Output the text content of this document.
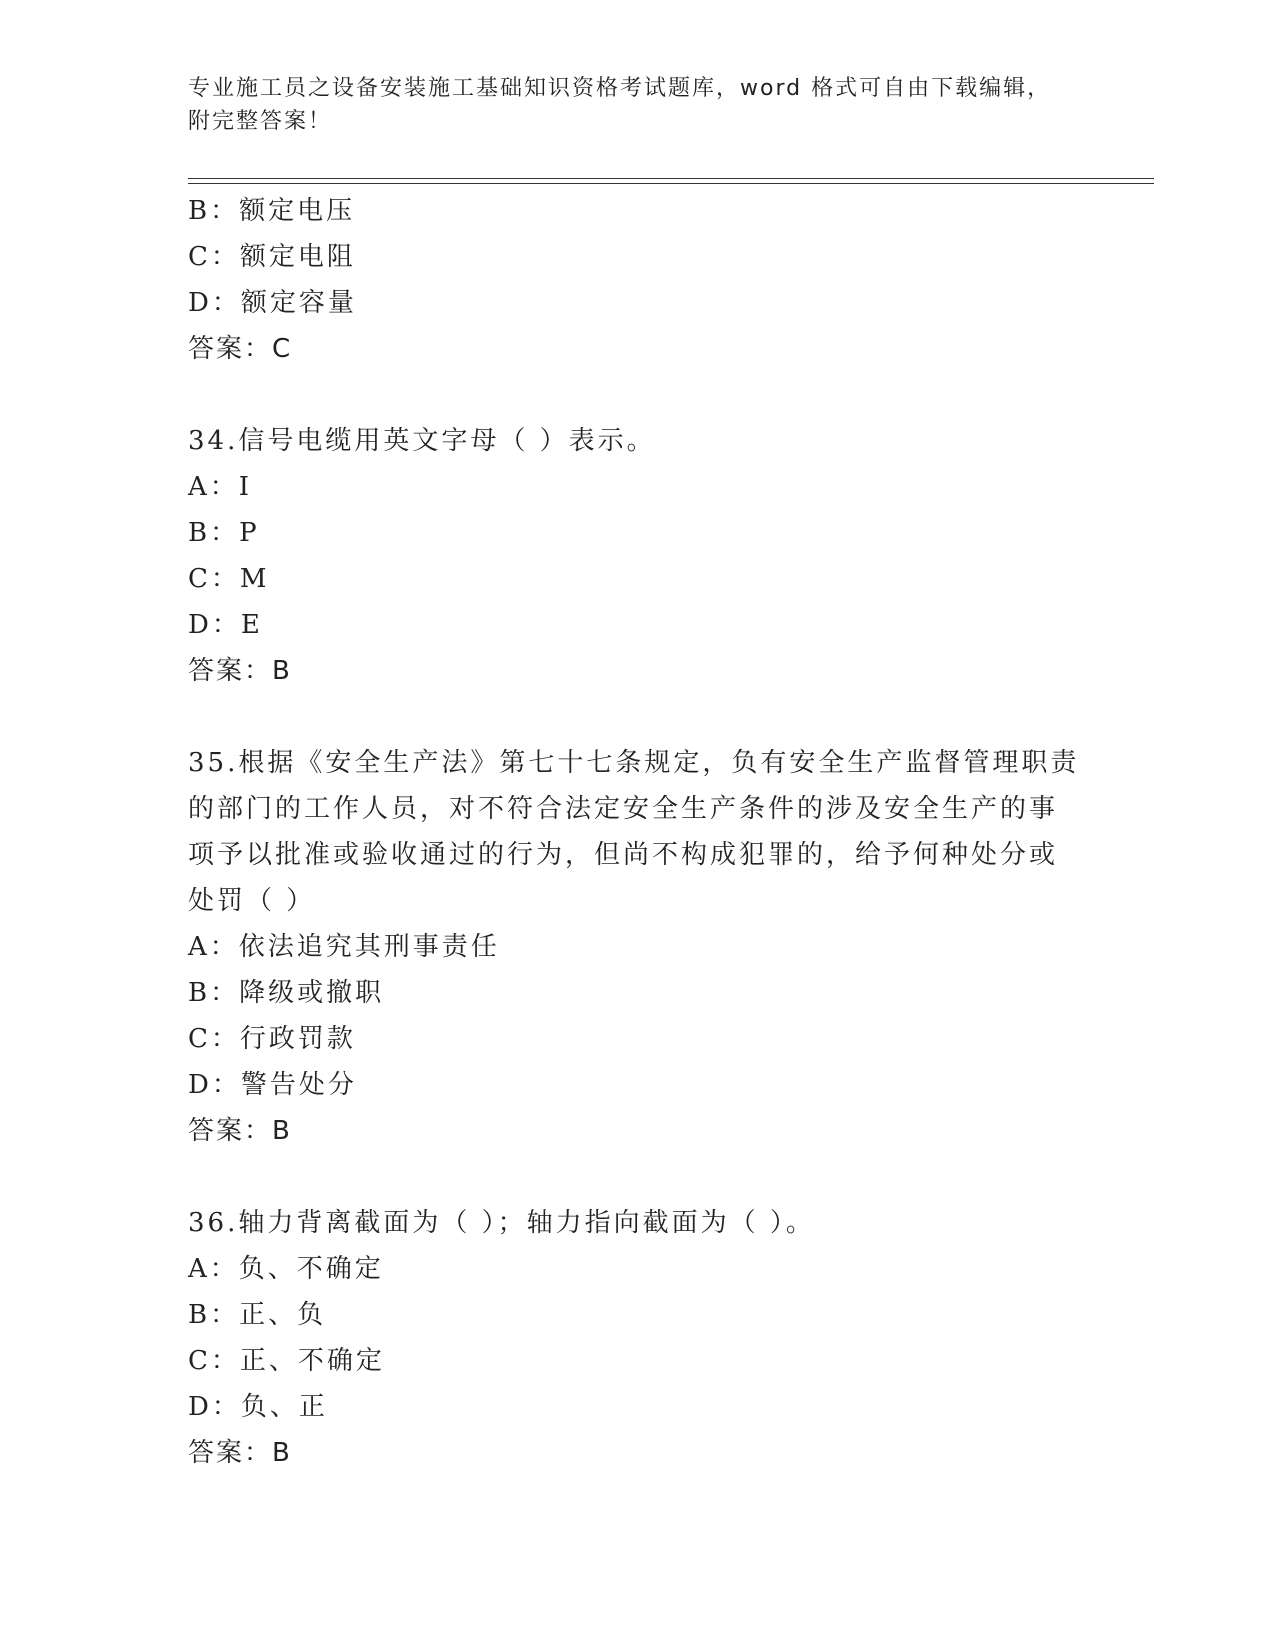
专业施工员之设备安装施工基础知识资格考试题库，word 格式可自由下载编辑，
附完整答案！
B：额定电压
C：额定电阻
D：额定容量
答案：C
34.信号电缆用英文字母（ ）表示。
A：I
B：P
C：M
D：E
答案：B
35.根据《安全生产法》第七十七条规定，负有安全生产监督管理职责
的部门的工作人员，对不符合法定安全生产条件的涉及安全生产的事
项予以批准或验收通过的行为，但尚不构成犯罪的，给予何种处分或
处罚（ ）
A：依法追究其刑事责任
B：降级或撤职
C：行政罚款
D：警告处分
答案：B
36.轴力背离截面为（ ）；轴力指向截面为（ ）。
A：负、不确定
B：正、负
C：正、不确定
D：负、正
答案：B
